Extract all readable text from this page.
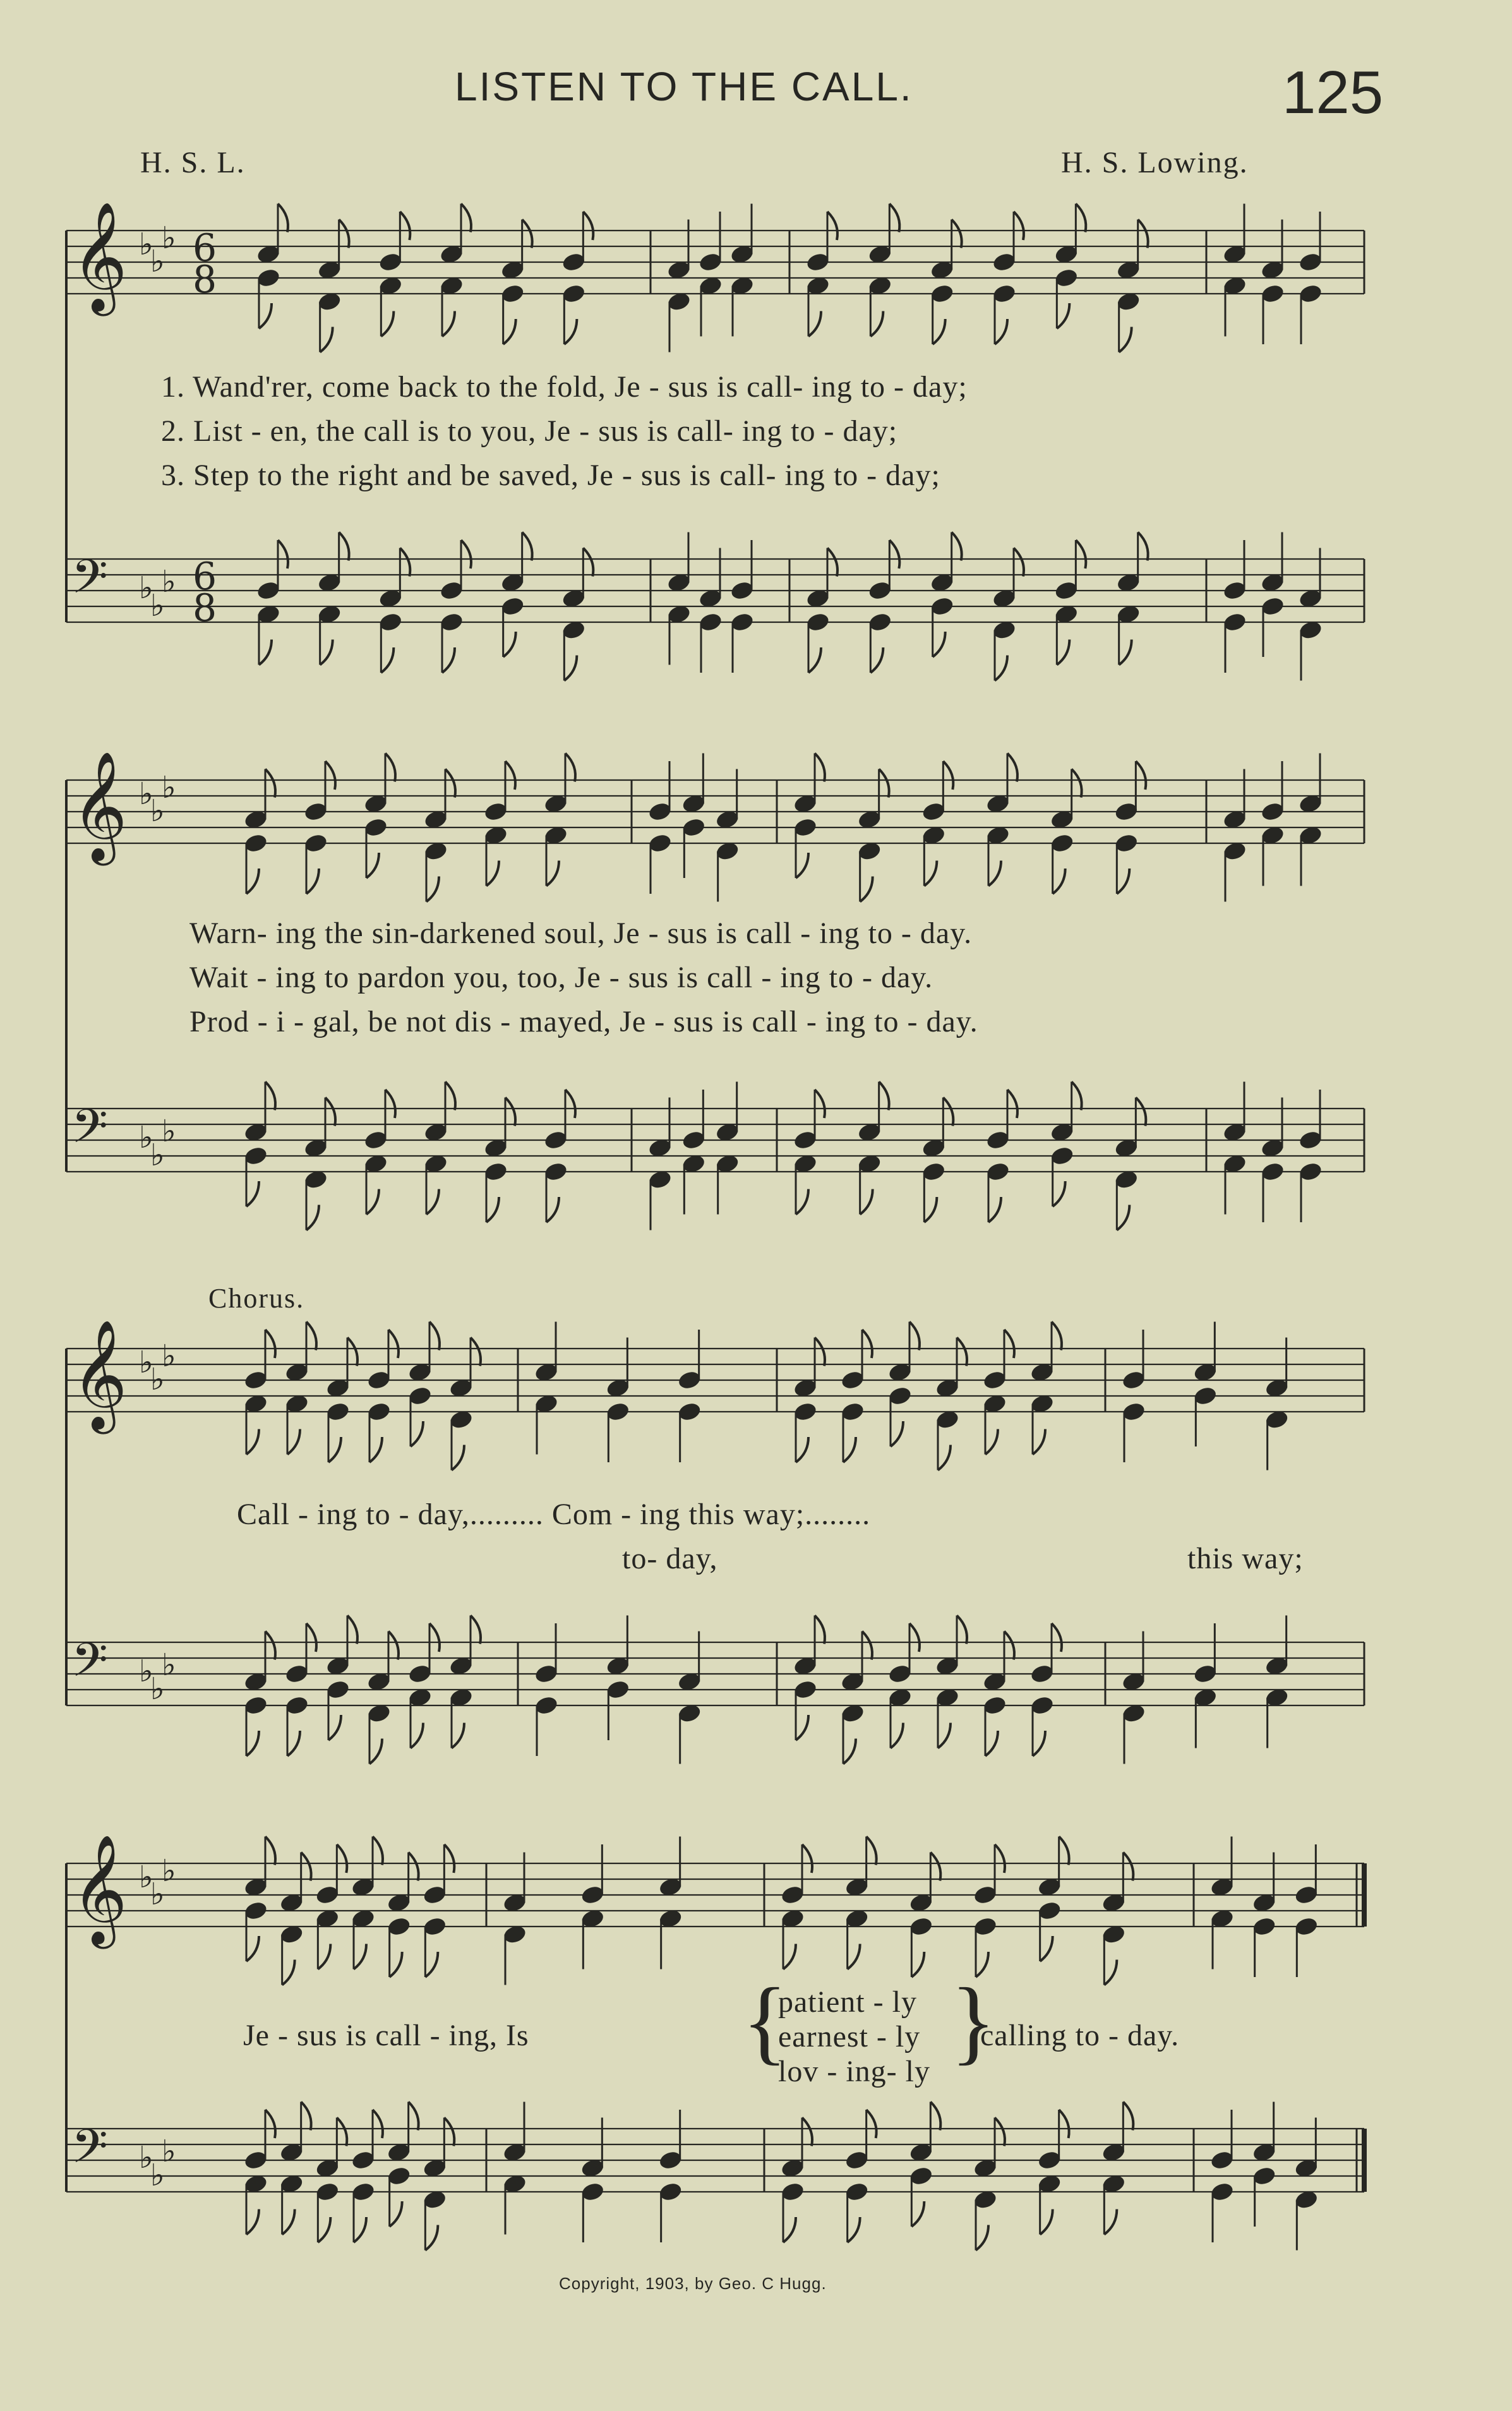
LISTEN TO THE CALL.	125
H. S. L.	H. S. Lowing.
𝄞 ♭
♭
♭ 6
8
𝄢 ♭
♭
♭ 6
8
𝄞 ♭
♭
♭
𝄢 ♭
♭
♭
𝄞 ♭
♭
♭
𝄢 ♭
♭
♭
𝄞 ♭
♭
♭
𝄢 ♭
♭
♭
1. Wand'rer, come back to the fold, Je - sus is call- ing to - day;
2. List - en, the call is to you, Je - sus is call- ing to - day;
3. Step to the right and be saved, Je - sus is call- ing to - day;
Warn- ing the sin-darkened soul, Je - sus is call - ing to - day.
Wait - ing to pardon you, too, Je - sus is call - ing to - day.
Prod - i - gal, be not dis - mayed, Je - sus is call - ing to - day.
Chorus.
Call - ing to - day,......... Com - ing this way;........
to- day,	this way;
Je - sus is call - ing, Is {
patient - ly
earnest - ly
lov - ing- ly }
calling to - day.
Copyright, 1903, by Geo. C Hugg.
